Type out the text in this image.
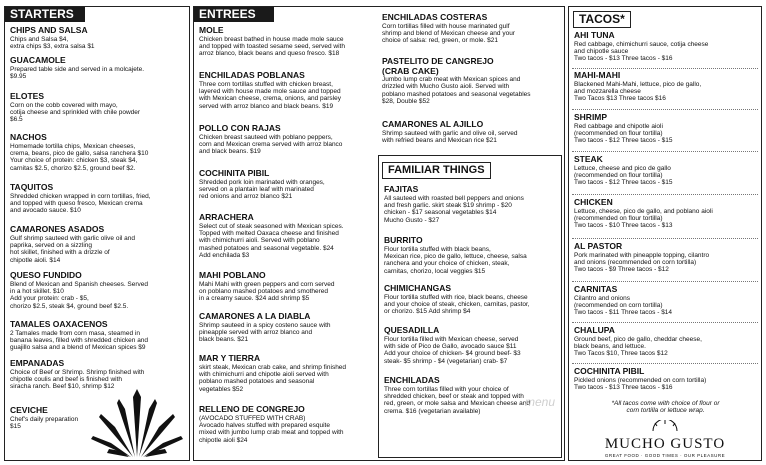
STARTERS
CHIPS AND SALSA
Chips and Salsa $4,
extra chips $3, extra salsa $1
GUACAMOLE
Prepared table side and served in a molcajete.
$9.95
ELOTES
Corn on the cobb covered with mayo,
cotija cheese and sprinkled with chile powder
$6.5
NACHOS
Homemade tortilla chips, Mexican cheeses,
crema, beans, pico de gallo, salsa ranchera $10
Your choice of protein: chicken $3, steak $4,
carnitas $2.5, chorizo $2.5, ground beef $2.
TAQUITOS
Shredded chicken wrapped in corn tortillas, fried,
and topped with queso fresco, Mexican crema
and avocado sauce. $10
CAMARONES ASADOS
Gulf shrimp sauteed with garlic olive oil and
paprika, served on a sizzling
hot skillet, finished with a drizzle of
chipotle aioli. $14
QUESO FUNDIDO
Blend of Mexican and Spanish cheeses. Served
in a hot skillet. $10
Add your protein: crab - $5,
chorizo $2.5, steak $4, ground beef $2.5.
TAMALES OAXACENOS
2 Tamales made from corn masa, steamed in
banana leaves, filled with shredded chicken and
guajillo salsa and a blend of Mexican spices $9
EMPANADAS
Choice of Beef or Shrimp. Shrimp finished with
chipotle coulis and beef is finished with
siracha ranch. Beef $10, shrimp $12
CEVICHE
Chef's daily preparation
$15
ENTREES
MOLE
Chicken breast bathed in house made mole sauce
and topped with toasted sesame seed, served with
arroz blanco, black beans and queso fresco. $18
ENCHILADAS POBLANAS
Three corn tortillas stuffed with chicken breast,
layered with house made mole sauce and topped
with Mexican cheese, crema, onions, and parsley
served with arroz blanco and black beans. $19
POLLO CON RAJAS
Chicken breast sauteed with poblano peppers,
corn and Mexican crema served with arroz blanco
and black beans. $19
COCHINITA PIBIL
Shredded pork loin marinated with oranges,
served on a plantain leaf with marinated
red onions and arroz blanco $21
ARRACHERA
Select cut of steak seasoned with Mexican spices.
Topped with melted Oaxaca cheese and finished
with chimichurri aioli. Served with poblano
mashed potatoes and seasonal vegetable. $24
Add enchilada $3
MAHI POBLANO
Mahi Mahi with green peppers and corn served
on poblano mashed potatoes and smothered
in a creamy sauce. $24 add shrimp $5
CAMARONES A LA DIABLA
Shrimp sauteed in a spicy costeno sauce with
pineapple served with arroz blanco and
black beans. $21
MAR Y TIERRA
skirt steak, Mexican crab cake, and shrimp finished
with chimichurri and chipotle aioli served with
poblano mashed potatoes and seasonal
vegetables $52
RELLENO DE CONGREJO
(AVOCADO STUFFED WITH CRAB)
Avocado halves stuffed with prepared esquite
mixed with jumbo lump crab meat and topped with
chipotle aioli $24
ENCHILADAS COSTERAS
Corn tortillas filled with house marinated gulf
shrimp and blend of Mexican cheese and your
choice of salsa: red, green, or mole. $21
PASTELITO DE CANGREJO
(CRAB CAKE)
Jumbo lump crab meat with Mexican spices and
drizzled with Mucho Gusto aioli. Served with
poblano mashed potatoes and seasonal vegetables
$28, Double $52
CAMARONES AL AJILLO
Shrimp sauteed with garlic and olive oil, served
with refried beans and Mexican rice $21
FAMILIAR THINGS
FAJITAS
All sauteed with roasted bell peppers and onions
and fresh garlic. skirt steak $19 shrimp - $20
chicken - $17 seasonal vegetables $14
Mucho Gusto - $27
BURRITO
Flour tortilla stuffed with black beans,
Mexican rice, pico de gallo, lettuce, cheese, salsa
ranchera and your choice of chicken, steak,
carnitas, chorizo, local veggies $15
CHIMICHANGAS
Flour tortilla stuffed with rice, black beans, cheese
and your choice of steak, chicken, carnitas, pastor,
or chorizo. $15 Add shrimp $4
QUESADILLA
Flour tortilla filled with Mexican cheese, served
with side of Pico de Gallo, avocado sauce $11
Add your choice of chicken- $4 ground beef- $3
steak- $5 shrimp - $4 (vegetarian) crab- $7
ENCHILADAS
Three corn tortillas filled with your choice of
shredded chicken, beef or steak and topped with
red, green, or mole salsa and Mexican cheese and
crema. $16 (vegetarian available)
menu
TACOS*
AHI TUNA
Red cabbage, chimichurri sauce, cotija cheese
and chipotle sauce
Two tacos - $13 Three tacos - $16
MAHI-MAHI
Blackened Mahi-Mahi, lettuce, pico de gallo,
and mozzarella cheese
Two Tacos $13 Three tacos $16
SHRIMP
Red cabbage and chipotle aioli
(recommended on flour tortilla)
Two tacos - $12 Three tacos - $15
STEAK
Lettuce, cheese and pico de gallo
(recommended on flour tortilla)
Two tacos - $12 Three tacos - $15
CHICKEN
Lettuce, cheese, pico de gallo, and poblano aioli
(recommended on flour tortilla)
Two tacos - $10 Three tacos - $13
AL PASTOR
Pork marinated with pineapple topping, cilantro
and onions (recommended on corn tortilla)
Two tacos - $9 Three tacos - $12
CARNITAS
Cilantro and onions
(recommended on corn tortilla)
Two tacos - $11 Three tacos - $14
CHALUPA
Ground beef, pico de gallo, cheddar cheese,
black beans, and lettuce.
Two Tacos $10, Three tacos $12
COCHINITA PIBIL
Pickled onions (recommended on corn tortilla)
Two tacos - $13 Three tacos - $16
*All tacos come with choice of flour or
corn tortilla or lettuce wrap.
MUCHO GUSTO
GREAT FOOD · GOOD TIMES · OUR PLEASURE
